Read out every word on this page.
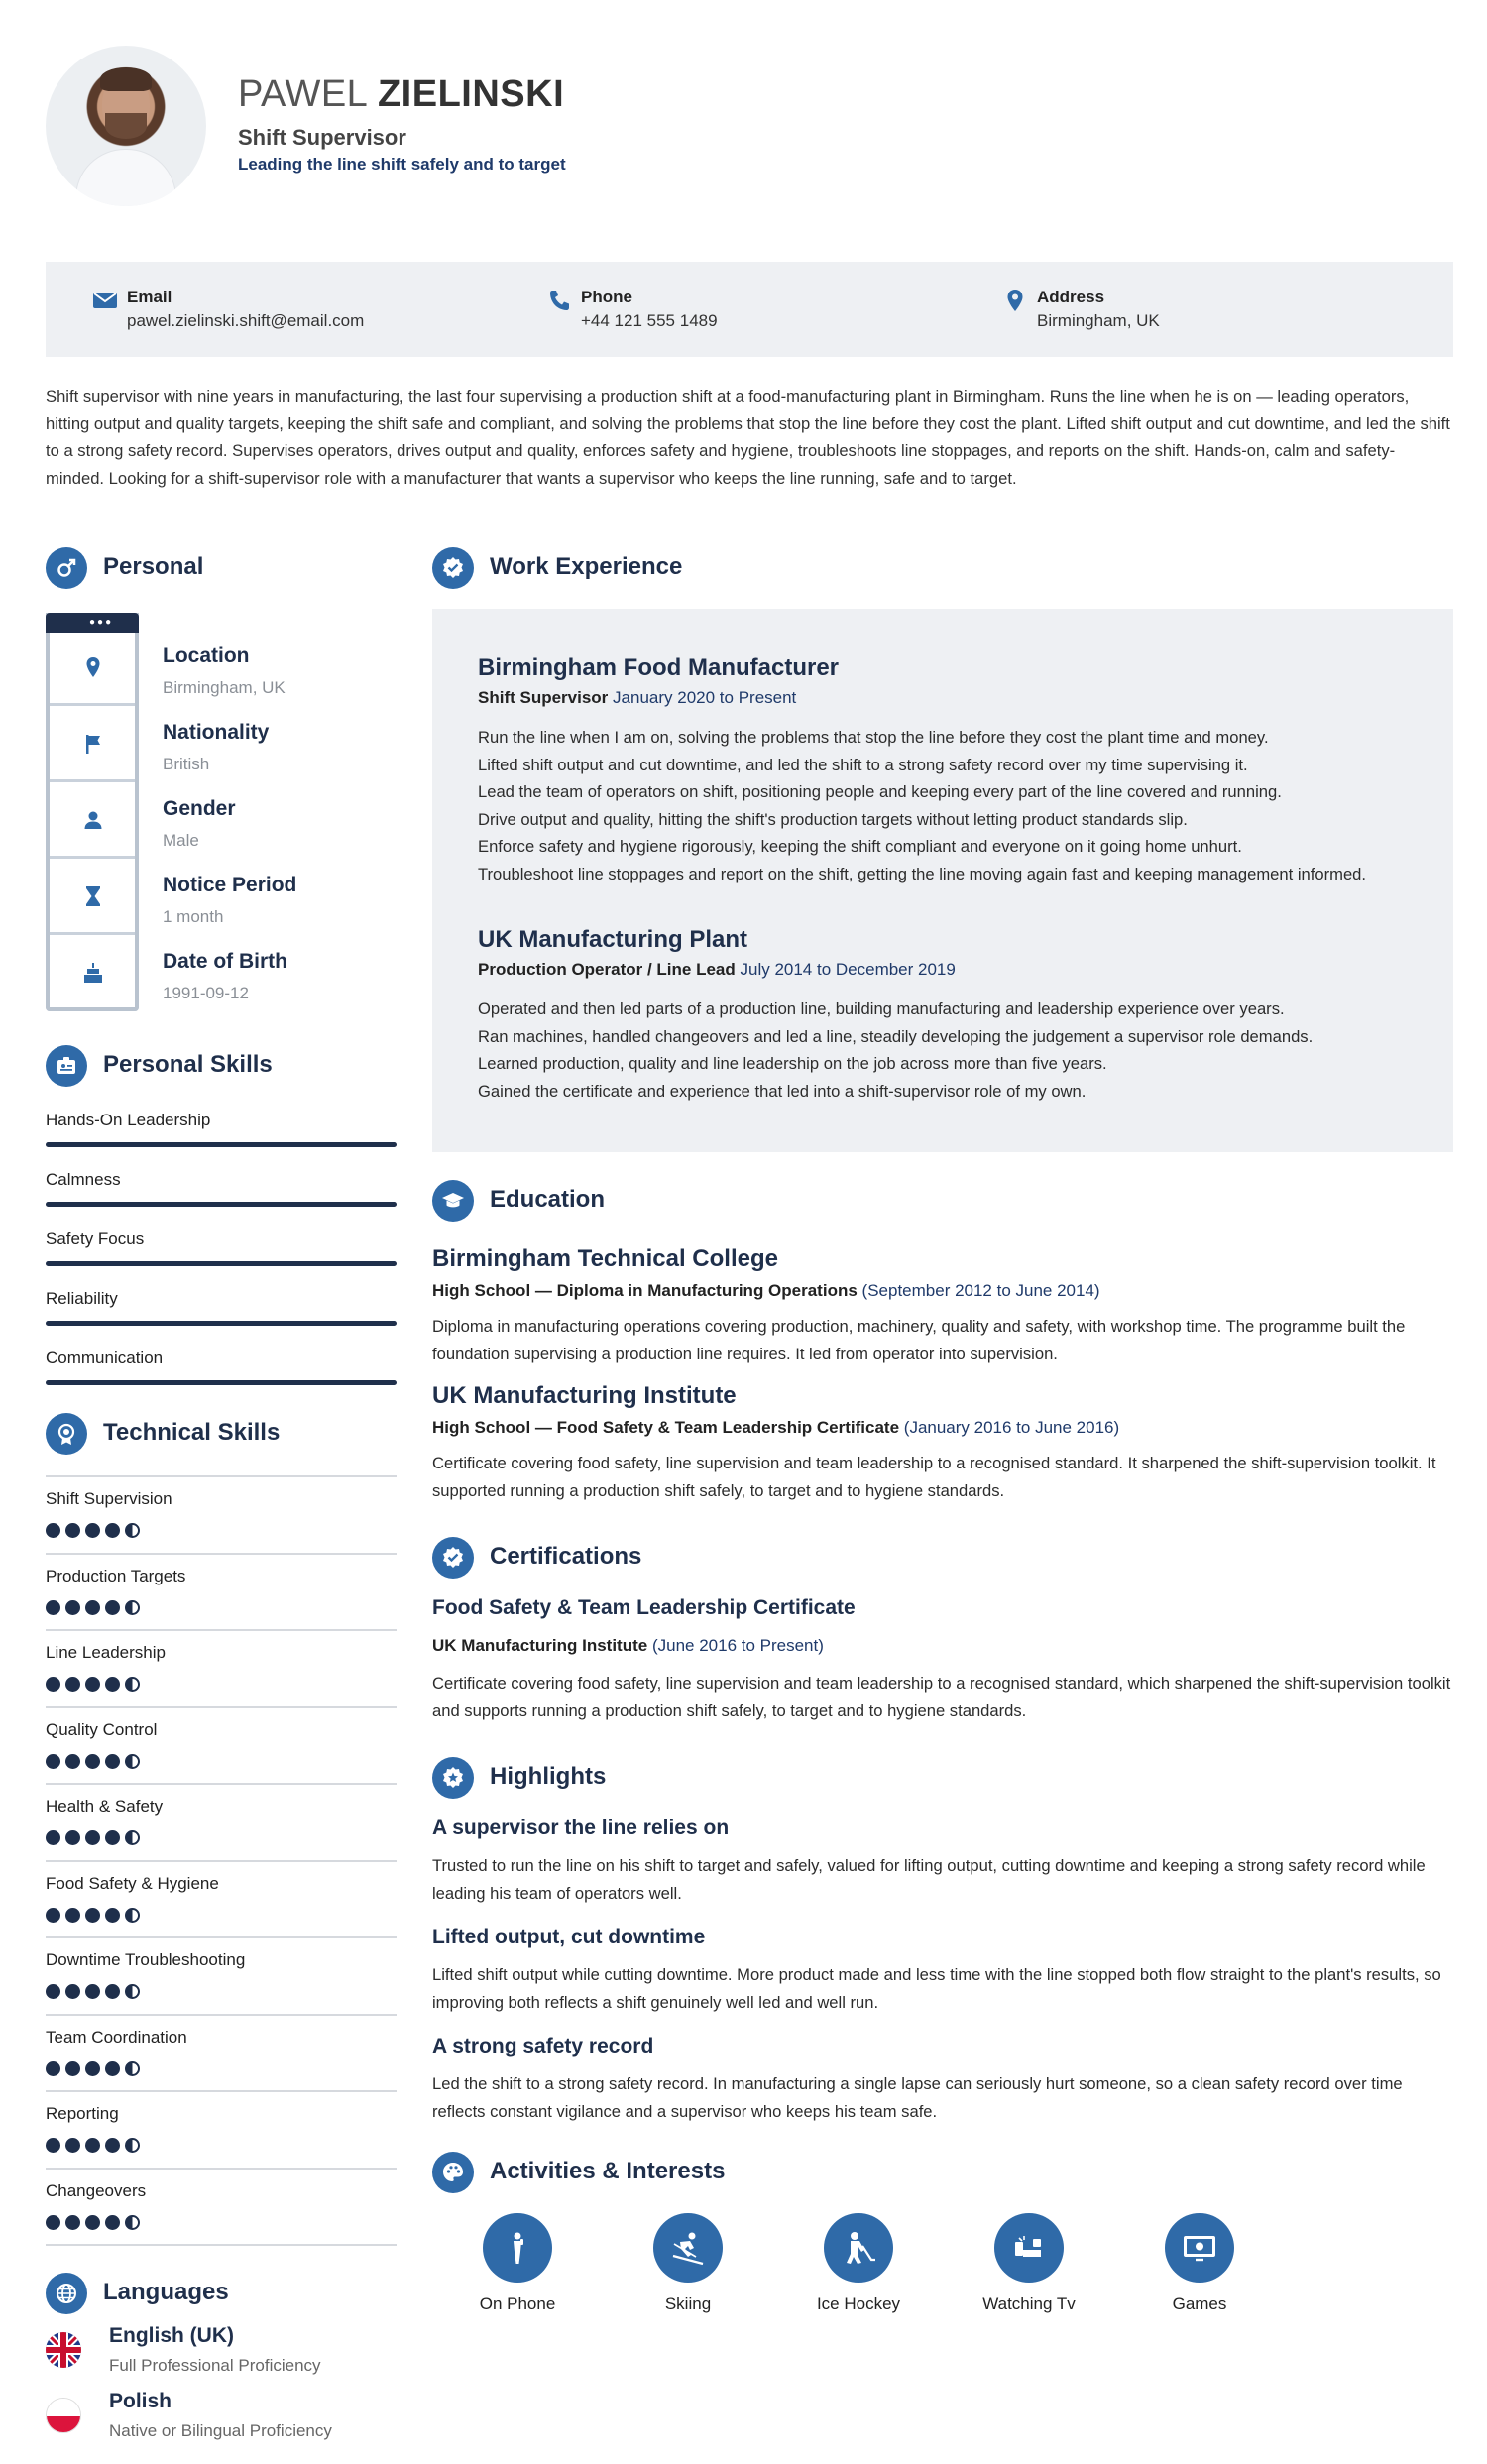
PAWEL ZIELINSKI
Shift Supervisor
Leading the line shift safely and to target
Email
pawel.zielinski.shift@email.com
Phone
+44 121 555 1489
Address
Birmingham, UK
Shift supervisor with nine years in manufacturing, the last four supervising a production shift at a food-manufacturing plant in Birmingham. Runs the line when he is on — leading operators, hitting output and quality targets, keeping the shift safe and compliant, and solving the problems that stop the line before they cost the plant. Lifted shift output and cut downtime, and led the shift to a strong safety record. Supervises operators, drives output and quality, enforces safety and hygiene, troubleshoots line stoppages, and reports on the shift. Hands-on, calm and safety-minded. Looking for a shift-supervisor role with a manufacturer that wants a supervisor who keeps the line running, safe and to target.
Personal
●●●
Location
Birmingham, UK
Nationality
British
Gender
Male
Notice Period
1 month
Date of Birth
1991-09-12
Personal Skills
Hands-On Leadership
Calmness
Safety Focus
Reliability
Communication
Technical Skills
Shift Supervision
Production Targets
Line Leadership
Quality Control
Health & Safety
Food Safety & Hygiene
Downtime Troubleshooting
Team Coordination
Reporting
Changeovers
Languages
English (UK)
Full Professional Proficiency
Polish
Native or Bilingual Proficiency
Work Experience
Birmingham Food Manufacturer
Shift Supervisor January 2020 to Present
Run the line when I am on, solving the problems that stop the line before they cost the plant time and money.
Lifted shift output and cut downtime, and led the shift to a strong safety record over my time supervising it.
Lead the team of operators on shift, positioning people and keeping every part of the line covered and running.
Drive output and quality, hitting the shift's production targets without letting product standards slip.
Enforce safety and hygiene rigorously, keeping the shift compliant and everyone on it going home unhurt.
Troubleshoot line stoppages and report on the shift, getting the line moving again fast and keeping management informed.
UK Manufacturing Plant
Production Operator / Line Lead July 2014 to December 2019
Operated and then led parts of a production line, building manufacturing and leadership experience over years.
Ran machines, handled changeovers and led a line, steadily developing the judgement a supervisor role demands.
Learned production, quality and line leadership on the job across more than five years.
Gained the certificate and experience that led into a shift-supervisor role of my own.
Education
Birmingham Technical College
High School — Diploma in Manufacturing Operations (September 2012 to June 2014)
Diploma in manufacturing operations covering production, machinery, quality and safety, with workshop time. The programme built the foundation supervising a production line requires. It led from operator into supervision.
UK Manufacturing Institute
High School — Food Safety & Team Leadership Certificate (January 2016 to June 2016)
Certificate covering food safety, line supervision and team leadership to a recognised standard. It sharpened the shift-supervision toolkit. It supported running a production shift safely, to target and to hygiene standards.
Certifications
Food Safety & Team Leadership Certificate
UK Manufacturing Institute (June 2016 to Present)
Certificate covering food safety, line supervision and team leadership to a recognised standard, which sharpened the shift-supervision toolkit and supports running a production shift safely, to target and to hygiene standards.
Highlights
A supervisor the line relies on
Trusted to run the line on his shift to target and safely, valued for lifting output, cutting downtime and keeping a strong safety record while leading his team of operators well.
Lifted output, cut downtime
Lifted shift output while cutting downtime. More product made and less time with the line stopped both flow straight to the plant's results, so improving both reflects a shift genuinely well led and well run.
A strong safety record
Led the shift to a strong safety record. In manufacturing a single lapse can seriously hurt someone, so a clean safety record over time reflects constant vigilance and a supervisor who keeps his team safe.
Activities & Interests
On Phone	Skiing	Ice Hockey	Watching Tv	Games
